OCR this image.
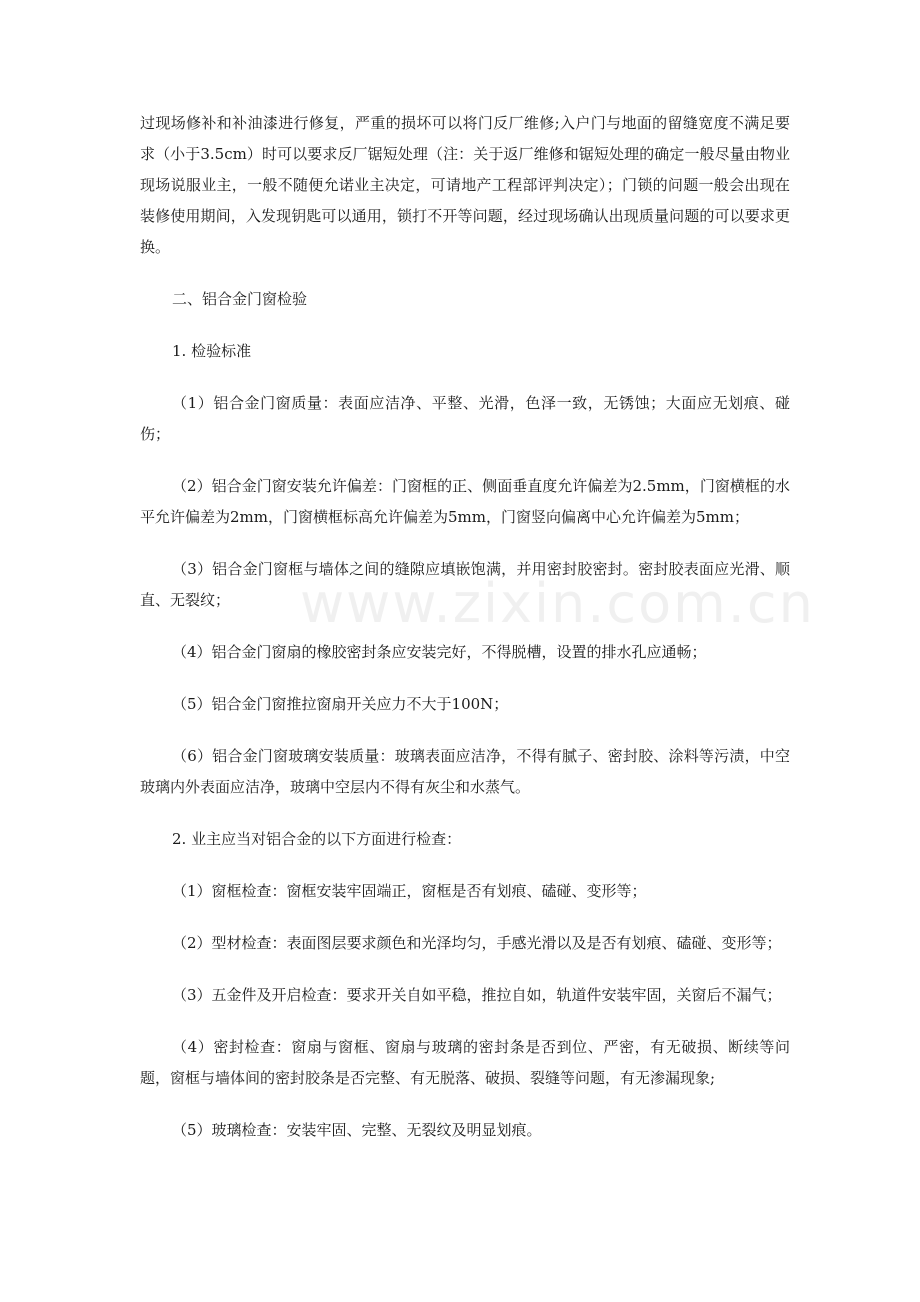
www.zixin.com.cn

过现场修补和补油漆进行修复，严重的损坏可以将门反厂维修;入户门与地面的留缝宽度不满足要求（小于3.5cm）时可以要求反厂锯短处理（注：关于返厂维修和锯短处理的确定一般尽量由物业现场说服业主，一般不随便允诺业主决定，可请地产工程部评判决定）；门锁的问题一般会出现在装修使用期间，入发现钥匙可以通用，锁打不开等问题，经过现场确认出现质量问题的可以要求更换。

二、铝合金门窗检验

1. 检验标准

（1）铝合金门窗质量：表面应洁净、平整、光滑，色泽一致，无锈蚀；大面应无划痕、碰伤；

（2）铝合金门窗安装允许偏差：门窗框的正、侧面垂直度允许偏差为2.5mm，门窗横框的水平允许偏差为2mm，门窗横框标高允许偏差为5mm，门窗竖向偏离中心允许偏差为5mm；

（3）铝合金门窗框与墙体之间的缝隙应填嵌饱满，并用密封胶密封。密封胶表面应光滑、顺直、无裂纹；

（4）铝合金门窗扇的橡胶密封条应安装完好，不得脱槽，设置的排水孔应通畅；

（5）铝合金门窗推拉窗扇开关应力不大于100N；

（6）铝合金门窗玻璃安装质量：玻璃表面应洁净，不得有腻子、密封胶、涂料等污渍，中空玻璃内外表面应洁净，玻璃中空层内不得有灰尘和水蒸气。

2. 业主应当对铝合金的以下方面进行检查：

（1）窗框检查：窗框安装牢固端正，窗框是否有划痕、磕碰、变形等；

（2）型材检查：表面图层要求颜色和光泽均匀，手感光滑以及是否有划痕、磕碰、变形等；

（3）五金件及开启检查：要求开关自如平稳，推拉自如，轨道件安装牢固，关窗后不漏气；

（4）密封检查：窗扇与窗框、窗扇与玻璃的密封条是否到位、严密，有无破损、断续等问题，窗框与墙体间的密封胶条是否完整、有无脱落、破损、裂缝等问题，有无渗漏现象;

（5）玻璃检查：安装牢固、完整、无裂纹及明显划痕。
